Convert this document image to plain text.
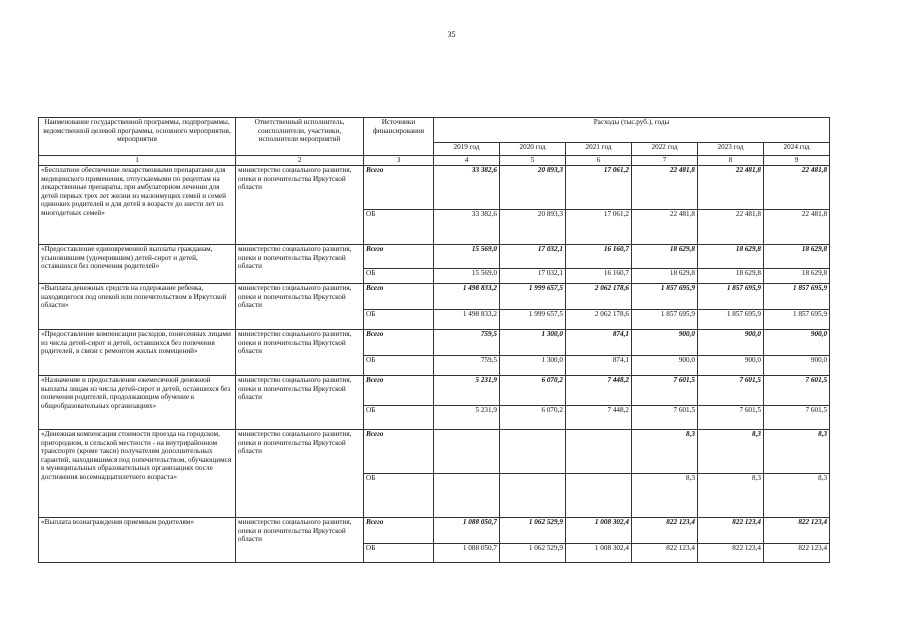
35
Наименование государственной программы, подпрограммы, ведомственной целевой программы, основного мероприятия, мероприятия	Ответственный исполнитель, соисполнители, участники, исполнители мероприятий	Источники финансирования	Расходы (тыс.руб.), годы					
			2019 год	2020 год	2021 год	2022 год	2023 год	2024 год
1	2	3	4	5	6	7	8	9
«Бесплатное обеспечение лекарственными препаратами для медицинского применения, отпускаемыми по рецептам на лекарственные препараты, при амбулаторном лечении для детей первых трех лет жизни из малоимущих семей и семей одиноких родителей и для детей в возрасте до шести лет из многодетных семей»	министерство социального развития, опеки и попечительства Иркутской области	Всего	33 382,6	20 893,3	17 061,2	22 481,8	22 481,8	22 481,8
		ОБ	33 382,6	20 893,3	17 061,2	22 481,8	22 481,8	22 481,8
«Предоставление единовременной выплаты гражданам, усыновившим (удочерившим) детей-сирот и детей, оставшихся без попечения родителей»	министерство социального развития, опеки и попечительства Иркутской области	Всего	15 569,0	17 032,1	16 160,7	18 629,8	18 629,8	18 629,8
		ОБ	15 569,0	17 032,1	16 160,7	18 629,8	18 629,8	18 629,8
«Выплата денежных средств на содержание ребенка, находящегося под опекой или попечительством в Иркутской области»	министерство социального развития, опеки и попечительства Иркутской области	Всего	1 498 833,2	1 999 657,5	2 062 178,6	1 857 695,9	1 857 695,9	1 857 695,9
		ОБ	1 498 833,2	1 999 657,5	2 062 178,6	1 857 695,9	1 857 695,9	1 857 695,9
«Предоставление компенсации расходов, понесенных лицами из числа детей-сирот и детей, оставшихся без попечения родителей, в связи с ремонтом жилых помещений»	министерство социального развития, опеки и попечительства Иркутской области	Всего	759,5	1 300,0	874,1	900,0	900,0	900,0
		ОБ	759,5	1 300,0	874,1	900,0	900,0	900,0
«Назначение и предоставление ежемесячной денежной выплаты лицам из числа детей-сирот и детей, оставшихся без попечения родителей, продолжающим обучение в общеобразовательных организациях»	министерство социального развития, опеки и попечительства Иркутской области	Всего	5 231,9	6 070,2	7 448,2	7 601,5	7 601,5	7 601,5
		ОБ	5 231,9	6 070,2	7 448,2	7 601,5	7 601,5	7 601,5
«Денежная компенсация стоимости проезда на городском, пригородном, в сельской местности - на внутрирайонном транспорте (кроме такси) получателям дополнительных гарантий, находившимся под попечительством, обучающимся в муниципальных образовательных организациях после достижения восемнадцатилетнего возраста»	министерство социального развития, опеки и попечительства Иркутской области	Всего				8,3	8,3	8,3
		ОБ				8,3	8,3	8,3
«Выплата вознаграждения приемным родителям»	министерство социального развития, опеки и попечительства Иркутской области	Всего	1 088 050,7	1 062 529,9	1 008 302,4	822 123,4	822 123,4	822 123,4
		ОБ	1 088 050,7	1 062 529,9	1 008 302,4	822 123,4	822 123,4	822 123,4
